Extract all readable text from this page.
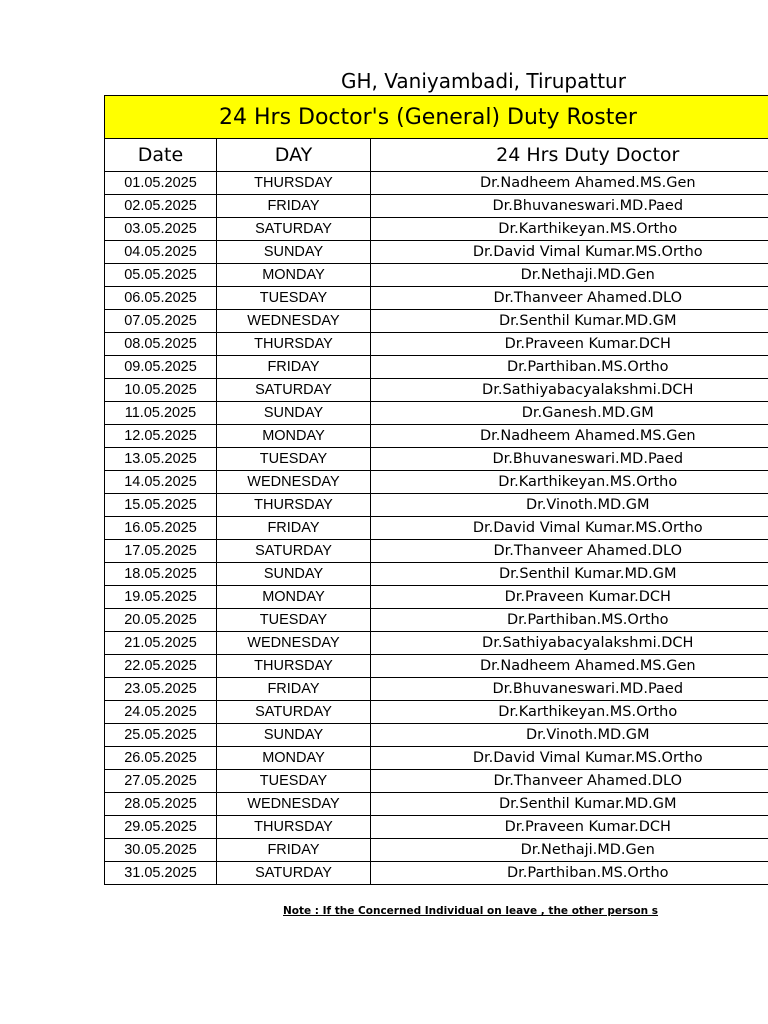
GH, Vaniyambadi, Tirupattur
24 Hrs Doctor's (General) Duty Roster		
Date	DAY	24 Hrs Duty Doctor
01.05.2025	THURSDAY	Dr.Nadheem Ahamed.MS.Gen
02.05.2025	FRIDAY	Dr.Bhuvaneswari.MD.Paed
03.05.2025	SATURDAY	Dr.Karthikeyan.MS.Ortho
04.05.2025	SUNDAY	Dr.David Vimal Kumar.MS.Ortho
05.05.2025	MONDAY	Dr.Nethaji.MD.Gen
06.05.2025	TUESDAY	Dr.Thanveer Ahamed.DLO
07.05.2025	WEDNESDAY	Dr.Senthil Kumar.MD.GM
08.05.2025	THURSDAY	Dr.Praveen Kumar.DCH
09.05.2025	FRIDAY	Dr.Parthiban.MS.Ortho
10.05.2025	SATURDAY	Dr.Sathiyabacyalakshmi.DCH
11.05.2025	SUNDAY	Dr.Ganesh.MD.GM
12.05.2025	MONDAY	Dr.Nadheem Ahamed.MS.Gen
13.05.2025	TUESDAY	Dr.Bhuvaneswari.MD.Paed
14.05.2025	WEDNESDAY	Dr.Karthikeyan.MS.Ortho
15.05.2025	THURSDAY	Dr.Vinoth.MD.GM
16.05.2025	FRIDAY	Dr.David Vimal Kumar.MS.Ortho
17.05.2025	SATURDAY	Dr.Thanveer Ahamed.DLO
18.05.2025	SUNDAY	Dr.Senthil Kumar.MD.GM
19.05.2025	MONDAY	Dr.Praveen Kumar.DCH
20.05.2025	TUESDAY	Dr.Parthiban.MS.Ortho
21.05.2025	WEDNESDAY	Dr.Sathiyabacyalakshmi.DCH
22.05.2025	THURSDAY	Dr.Nadheem Ahamed.MS.Gen
23.05.2025	FRIDAY	Dr.Bhuvaneswari.MD.Paed
24.05.2025	SATURDAY	Dr.Karthikeyan.MS.Ortho
25.05.2025	SUNDAY	Dr.Vinoth.MD.GM
26.05.2025	MONDAY	Dr.David Vimal Kumar.MS.Ortho
27.05.2025	TUESDAY	Dr.Thanveer Ahamed.DLO
28.05.2025	WEDNESDAY	Dr.Senthil Kumar.MD.GM
29.05.2025	THURSDAY	Dr.Praveen Kumar.DCH
30.05.2025	FRIDAY	Dr.Nethaji.MD.Gen
31.05.2025	SATURDAY	Dr.Parthiban.MS.Ortho
Note : If the Concerned Individual on leave , the other person s
